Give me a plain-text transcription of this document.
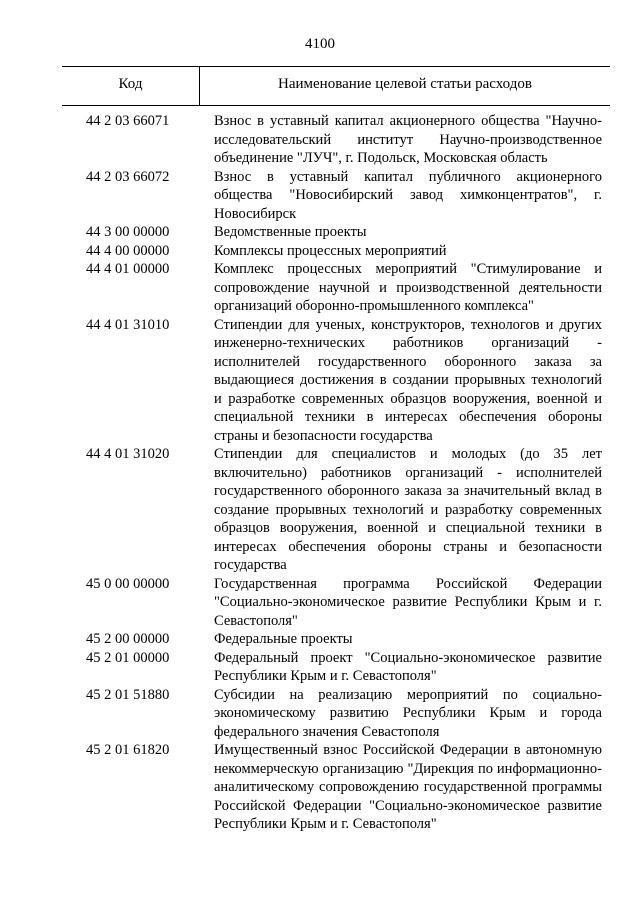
4100
Код	Наименование целевой статьи расходов
44 2 03 66071	Взнос в уставный капитал акционерного общества "Научно-исследовательский институт Научно-производственное объединение "ЛУЧ", г. Подольск, Московская область
44 2 03 66072	Взнос в уставный капитал публичного акционерного общества "Новосибирский завод химконцентратов", г. Новосибирск
44 3 00 00000	Ведомственные проекты
44 4 00 00000	Комплексы процессных мероприятий
44 4 01 00000	Комплекс процессных мероприятий "Стимулирование и сопровождение научной и производственной деятельности организаций оборонно-промышленного комплекса"
44 4 01 31010	Стипендии для ученых, конструкторов, технологов и других инженерно-технических работников организаций - исполнителей государственного оборонного заказа за выдающиеся достижения в создании прорывных технологий и разработке современных образцов вооружения, военной и специальной техники в интересах обеспечения обороны страны и безопасности государства
44 4 01 31020	Стипендии для специалистов и молодых (до 35 лет включительно) работников организаций - исполнителей государственного оборонного заказа за значительный вклад в создание прорывных технологий и разработку современных образцов вооружения, военной и специальной техники в интересах обеспечения обороны страны и безопасности государства
45 0 00 00000	Государственная программа Российской Федерации "Социально-экономическое развитие Республики Крым и г. Севастополя"
45 2 00 00000	Федеральные проекты
45 2 01 00000	Федеральный проект "Социально-экономическое развитие Республики Крым и г. Севастополя"
45 2 01 51880	Субсидии на реализацию мероприятий по социально-экономическому развитию Республики Крым и города федерального значения Севастополя
45 2 01 61820	Имущественный взнос Российской Федерации в автономную некоммерческую организацию "Дирекция по информационно-аналитическому сопровождению государственной программы Российской Федерации "Социально-экономическое развитие Республики Крым и г. Севастополя"
